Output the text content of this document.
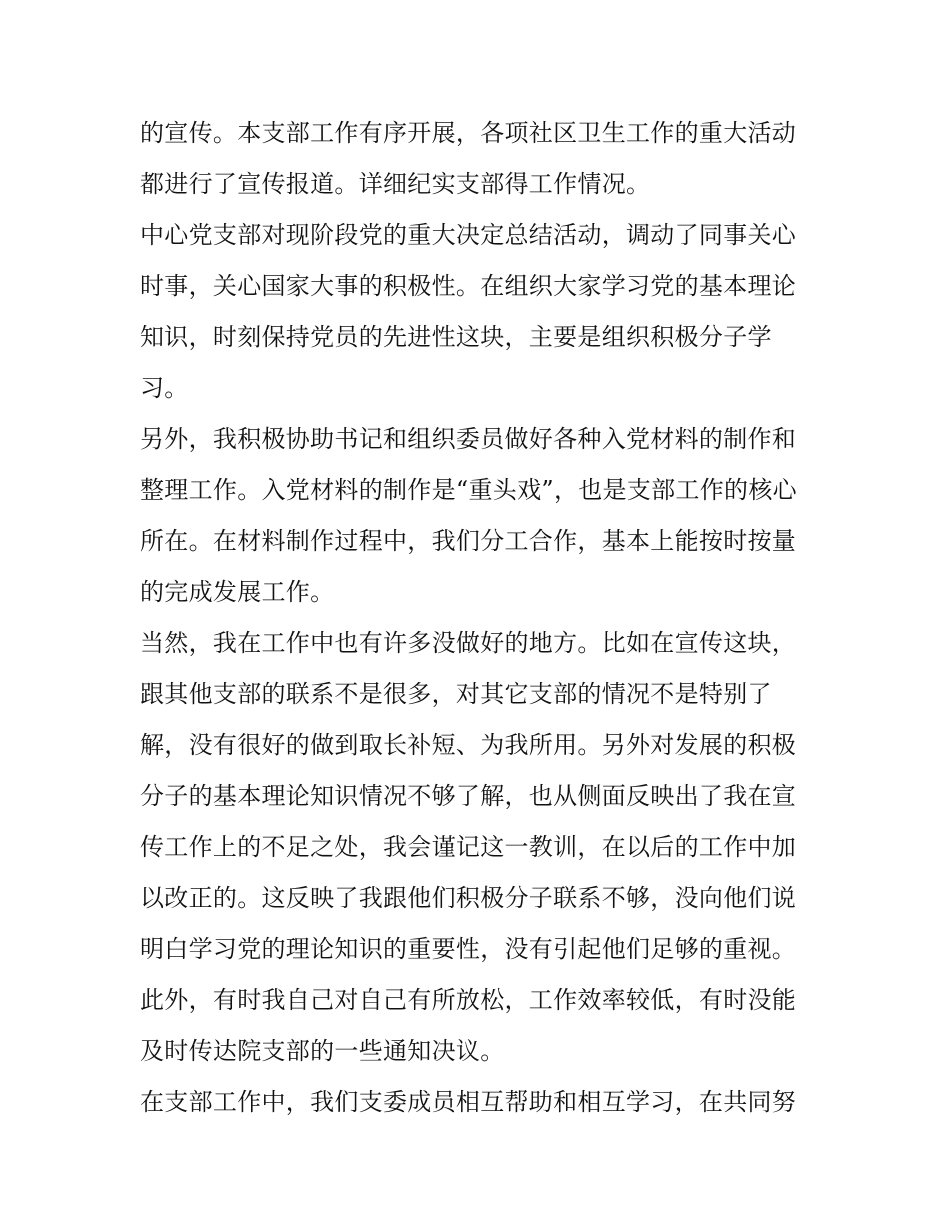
的宣传。本支部工作有序开展，各项社区卫生工作的重大活动
都进行了宣传报道。详细纪实支部得工作情况。
中心党支部对现阶段党的重大决定总结活动，调动了同事关心
时事，关心国家大事的积极性。在组织大家学习党的基本理论
知识，时刻保持党员的先进性这块，主要是组织积极分子学
习。
另外，我积极协助书记和组织委员做好各种入党材料的制作和
整理工作。入党材料的制作是“重头戏”，也是支部工作的核心
所在。在材料制作过程中，我们分工合作，基本上能按时按量
的完成发展工作。
当然，我在工作中也有许多没做好的地方。比如在宣传这块，
跟其他支部的联系不是很多，对其它支部的情况不是特别了
解，没有很好的做到取长补短、为我所用。另外对发展的积极
分子的基本理论知识情况不够了解，也从侧面反映出了我在宣
传工作上的不足之处，我会谨记这一教训，在以后的工作中加
以改正的。这反映了我跟他们积极分子联系不够，没向他们说
明白学习党的理论知识的重要性，没有引起他们足够的重视。
此外，有时我自己对自己有所放松，工作效率较低，有时没能
及时传达院支部的一些通知决议。
在支部工作中，我们支委成员相互帮助和相互学习，在共同努
